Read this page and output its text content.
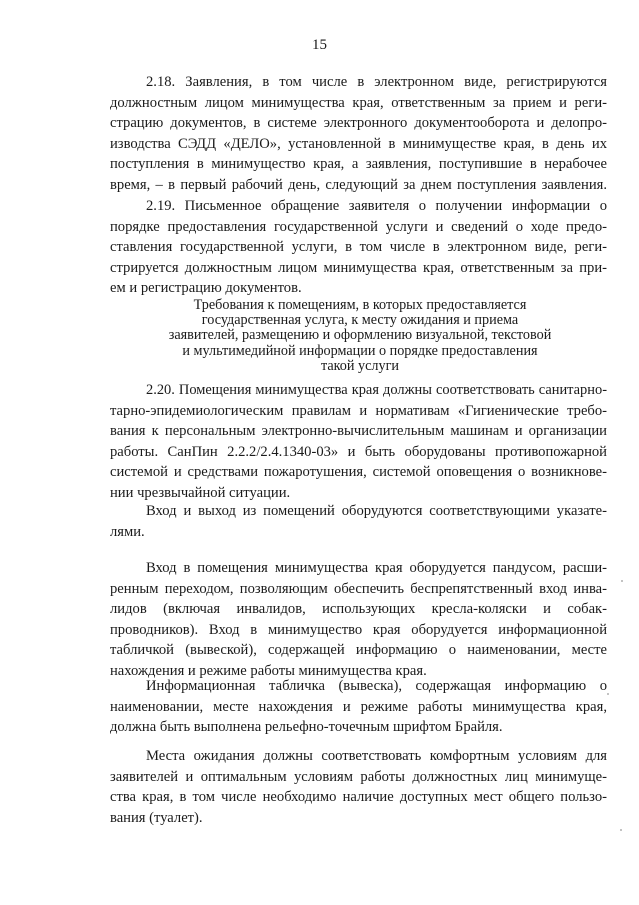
15
2.18. Заявления, в том числе в электронном виде, регистрируются
должностным лицом минимущества края, ответственным за прием и реги-
страцию документов, в системе электронного документооборота и делопро-
изводства СЭДД «ДЕЛО», установленной в минимуществе края, в день их
поступления в минимущество края, а заявления, поступившие в нерабочее
время, – в первый рабочий день, следующий за днем поступления заявления.
2.19. Письменное обращение заявителя о получении информации о
порядке предоставления государственной услуги и сведений о ходе предо-
ставления государственной услуги, в том числе в электронном виде, реги-
стрируется должностным лицом минимущества края, ответственным за при-
ем и регистрацию документов.
Требования к помещениям, в которых предоставляется
государственная услуга, к месту ожидания и приема
заявителей, размещению и оформлению визуальной, текстовой
и мультимедийной информации о порядке предоставления
такой услуги
2.20. Помещения минимущества края должны соответствовать санитарно-
тарно-эпидемиологическим правилам и нормативам «Гигиенические требо-
вания к персональным электронно-вычислительным машинам и организации
работы. СанПин 2.2.2/2.4.1340-03» и быть оборудованы противопожарной
системой и средствами пожаротушения, системой оповещения о возникнове-
нии чрезвычайной ситуации.
Вход и выход из помещений оборудуются соответствующими указате-
лями.
Вход в помещения минимущества края оборудуется пандусом, расши-
ренным переходом, позволяющим обеспечить беспрепятственный вход инва-
лидов (включая инвалидов, использующих кресла-коляски и собак-
проводников). Вход в минимущество края оборудуется информационной
табличкой (вывеской), содержащей информацию о наименовании, месте
нахождения и режиме работы минимущества края.
Информационная табличка (вывеска), содержащая информацию о
наименовании, месте нахождения и режиме работы минимущества края,
должна быть выполнена рельефно-точечным шрифтом Брайля.
Места ожидания должны соответствовать комфортным условиям для
заявителей и оптимальным условиям работы должностных лиц минимуще-
ства края, в том числе необходимо наличие доступных мест общего пользо-
вания (туалет).
